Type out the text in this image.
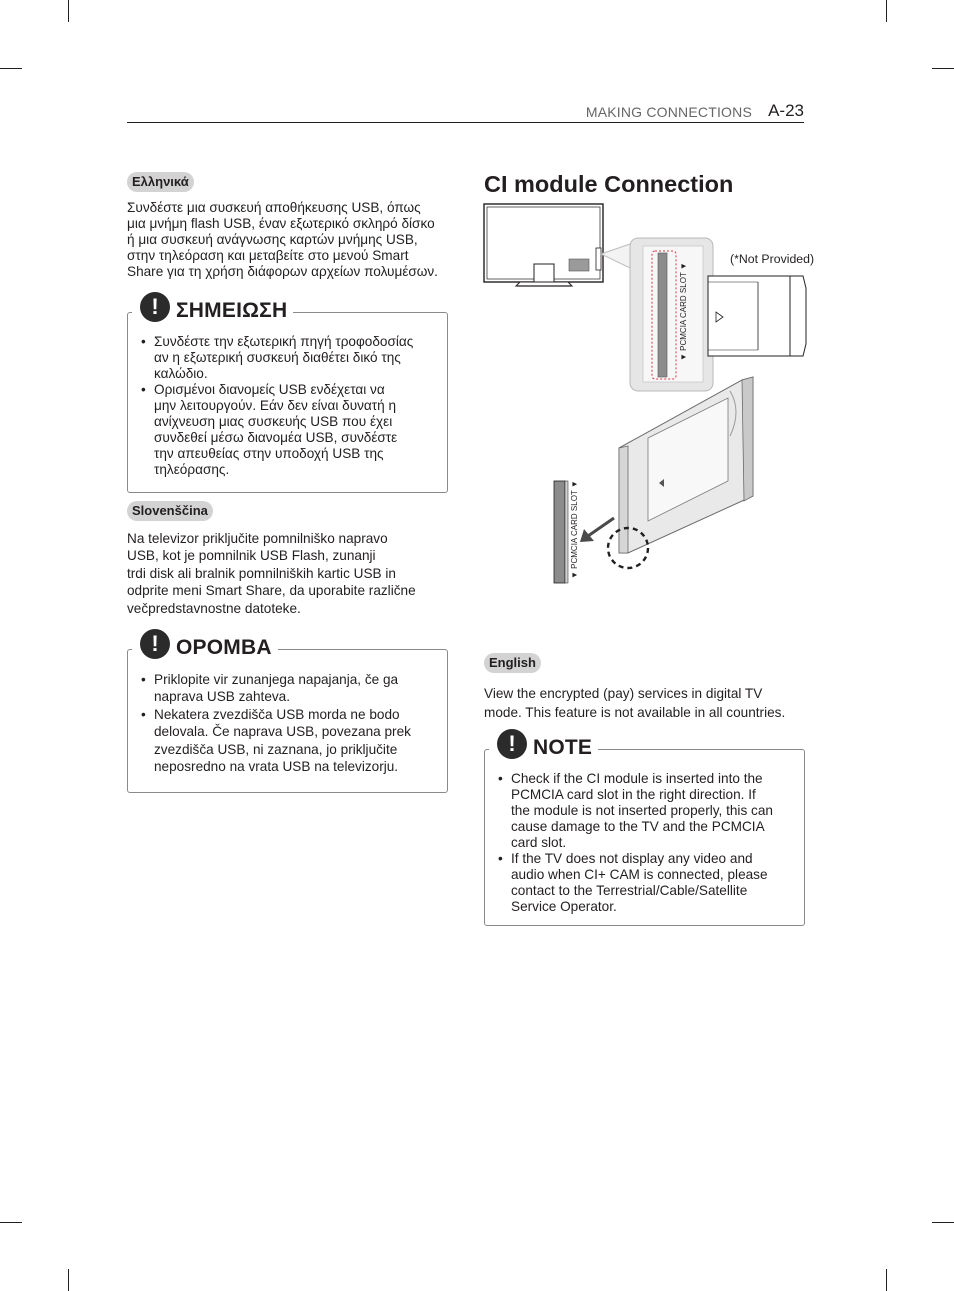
MAKING CONNECTIONS A-23
Ελληνικά

Συνδέστε μια συσκευή αποθήκευσης USB, όπως
μια μνήμη flash USB, έναν εξωτερικό σκληρό δίσκο
ή μια συσκευή ανάγνωσης καρτών μνήμης USB,
στην τηλεόραση και μεταβείτε στο μενού Smart
Share για τη χρήση διάφορων αρχείων πολυμέσων.

• Συνδέστε την εξωτερική πηγή τροφοδοσίας
αν η εξωτερική συσκευή διαθέτει δικό της
καλώδιο.
• Ορισμένοι διανομείς USB ενδέχεται να
μην λειτουργούν. Εάν δεν είναι δυνατή η
ανίχνευση μιας συσκευής USB που έχει
συνδεθεί μέσω διανομέα USB, συνδέστε
την απευθείας στην υποδοχή USB της
τηλεόρασης.
! ΣΗΜΕΙΩΣΗ
Slovenščina

Na televizor priključite pomnilniško napravo
USB, kot je pomnilnik USB Flash, zunanji
trdi disk ali bralnik pomnilniških kartic USB in
odprite meni Smart Share, da uporabite različne
večpredstavnostne datoteke.

• Priklopite vir zunanjega napajanja, če ga
naprava USB zahteva.
• Nekatera zvezdišča USB morda ne bodo
delovala. Če naprava USB, povezana prek
zvezdišča USB, ni zaznana, jo priključite
neposredno na vrata USB na televizorju.
! OPOMBA
CI module Connection
▼ PCMCIA CARD SLOT ▼
▼ PCMCIA CARD SLOT ▼
(*Not Provided)
English

View the encrypted (pay) services in digital TV
mode. This feature is not available in all countries.

• Check if the CI module is inserted into the
PCMCIA card slot in the right direction. If
the module is not inserted properly, this can
cause damage to the TV and the PCMCIA
card slot.
• If the TV does not display any video and
audio when CI+ CAM is connected, please
contact to the Terrestrial/Cable/Satellite
Service Operator.
! NOTE
